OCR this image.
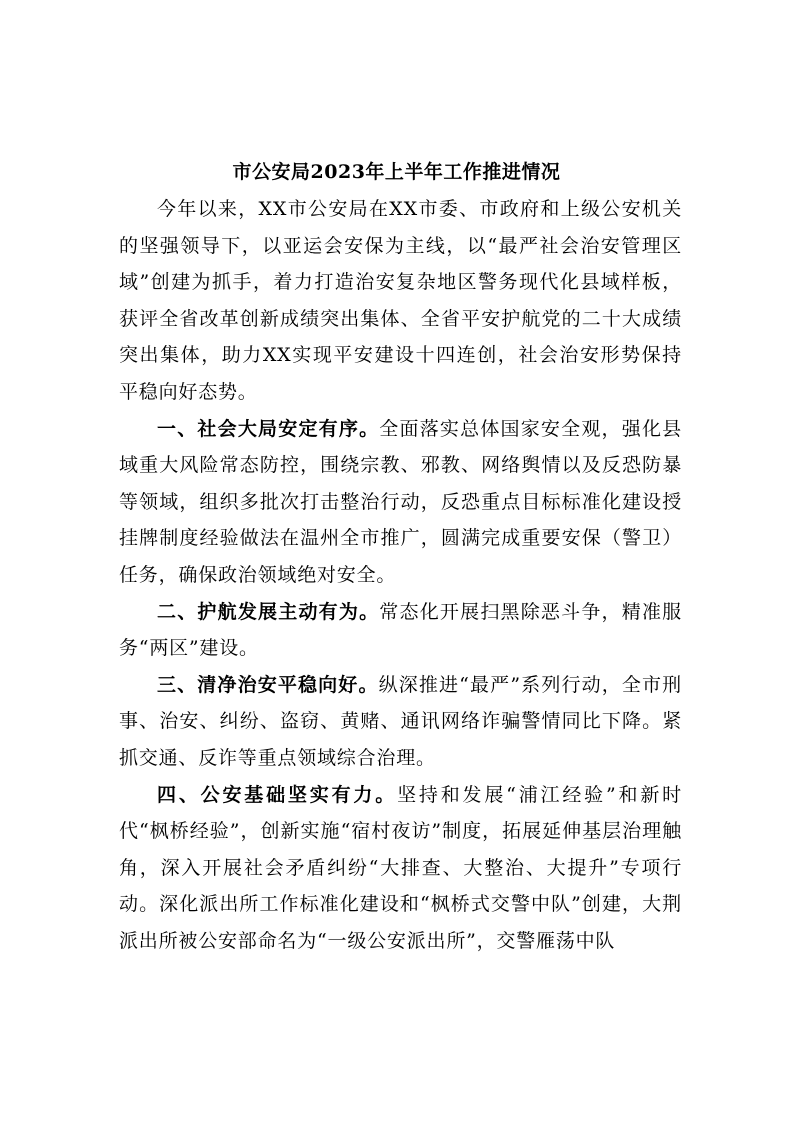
市公安局2023年上半年工作推进情况

今年以来，XX市公安局在XX市委、市政府和上级公安机关的坚强领导下，以亚运会安保为主线，以“最严社会治安管理区域”创建为抓手，着力打造治安复杂地区警务现代化县域样板，获评全省改革创新成绩突出集体、全省平安护航党的二十大成绩突出集体，助力XX实现平安建设十四连创，社会治安形势保持平稳向好态势。

一、社会大局安定有序。全面落实总体国家安全观，强化县域重大风险常态防控，围绕宗教、邪教、网络舆情以及反恐防暴等领域，组织多批次打击整治行动，反恐重点目标标准化建设授挂牌制度经验做法在温州全市推广，圆满完成重要安保（警卫）任务，确保政治领域绝对安全。

二、护航发展主动有为。常态化开展扫黑除恶斗争，精准服务“两区”建设。

三、清净治安平稳向好。纵深推进“最严”系列行动，全市刑事、治安、纠纷、盗窃、黄赌、通讯网络诈骗警情同比下降。紧抓交通、反诈等重点领域综合治理。

四、公安基础坚实有力。坚持和发展“浦江经验”和新时代“枫桥经验”，创新实施“宿村夜访”制度，拓展延伸基层治理触角，深入开展社会矛盾纠纷“大排查、大整治、大提升”专项行动。深化派出所工作标准化建设和“枫桥式交警中队”创建，大荆派出所被公安部命名为“一级公安派出所”，交警雁荡中队
